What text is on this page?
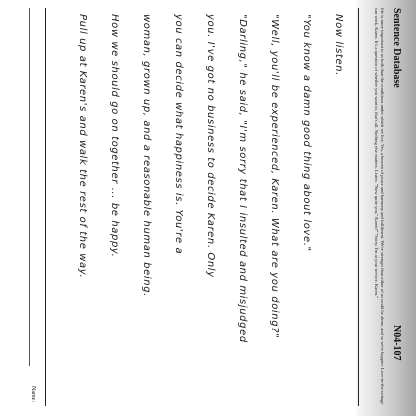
Sentence Database
N04-107
life is more important to us both than the conditions under which we live. Yes, a heaven of peace and harmony and fulfilment. We're stronger than either of us could be alone, and so we're happier. Love-in-the-cottage can work, Karen. It's a question of whether you want to, that's all. Nothing else matters. Listen. "Now quite you," Karen?" "Sorry. I'm at your service, Karen."
Now listen.
"You know a damn good thing about love."
"Well, you'll be experienced, Karen. What are you doing?"
"Darling," he said, "I'm sorry that I insulted and misjudged
you. I've got no business to decide Karen. Only
you can decide what happiness is. You're a
woman, grown up, and a reasonable human being.
How we should go on together ... be happy.
Pull up at Karen's and walk the rest of the way.
Name:
